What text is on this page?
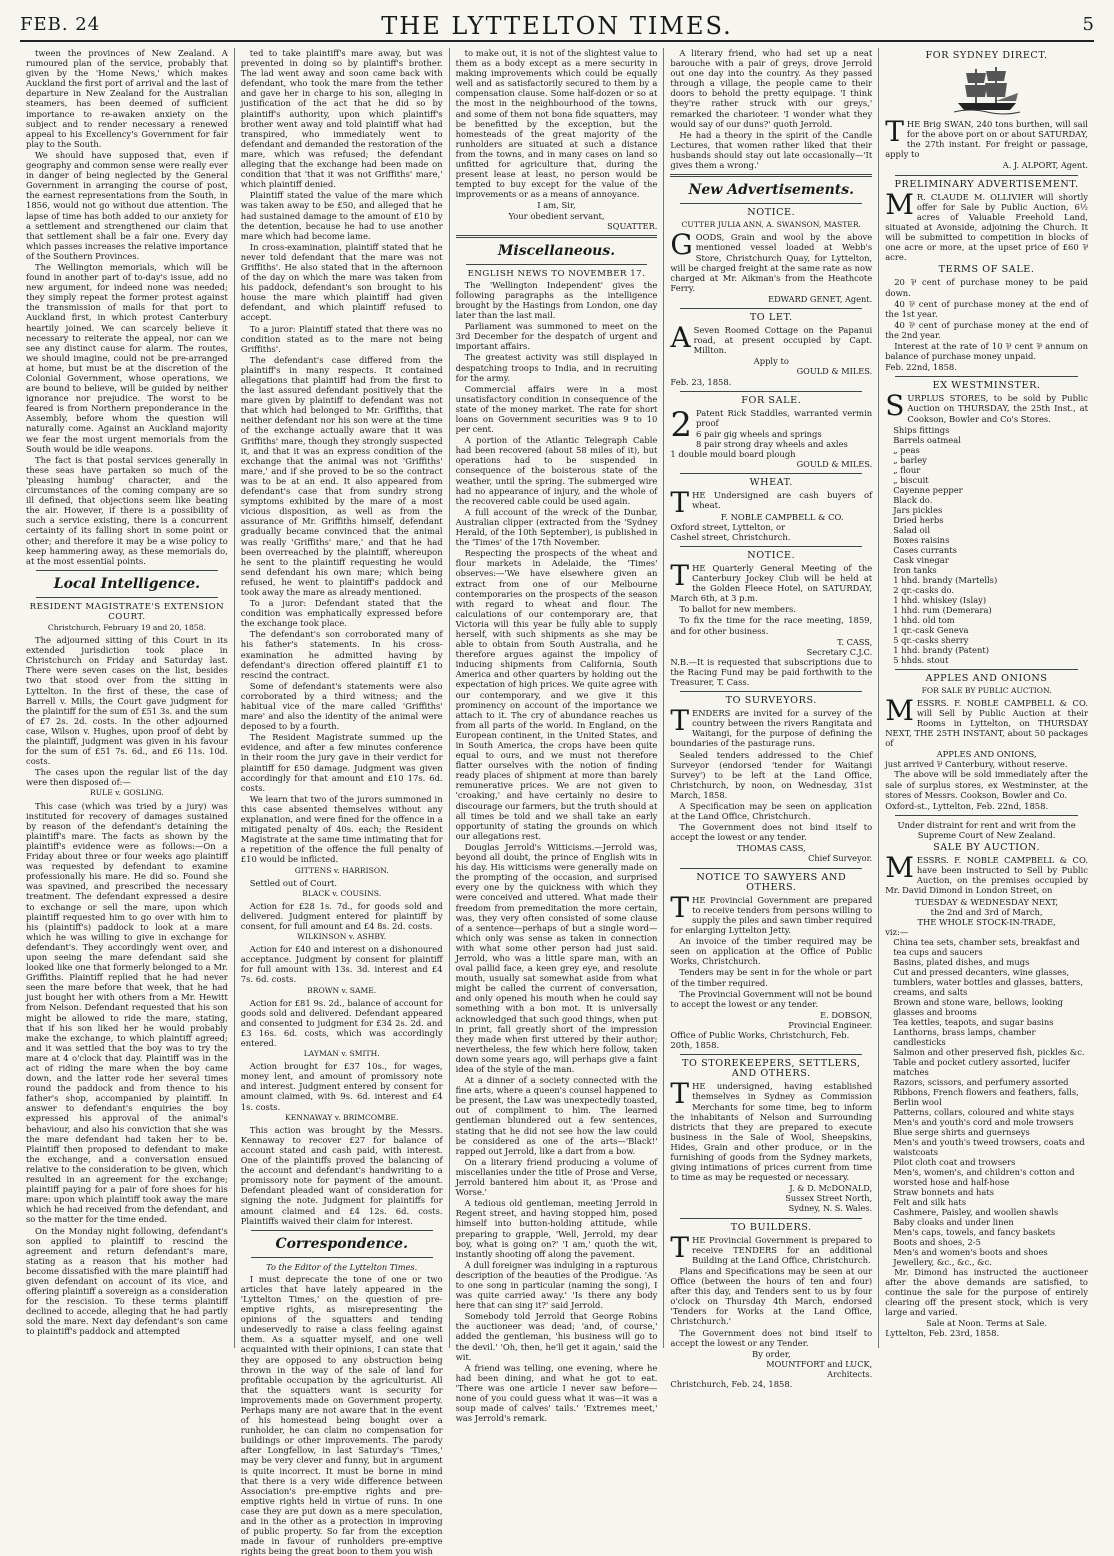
FEB. 24	THE LYTTELTON TIMES.	5

tween the provinces of New Zealand. A rumoured plan of the service, probably that given by the 'Home News,' which makes Auckland the first port of arrival and the last of departure in New Zealand for the Australian steamers, has been deemed of sufficient importance to re-awaken anxiety on the subject and to render necessary a renewed appeal to his Excellency's Government for fair play to the South.

We should have supposed that, even if geography and common sense were really ever in danger of being neglected by the General Government in arranging the course of post, the earnest representations from the South, in 1856, would not go without due attention. The lapse of time has both added to our anxiety for a settlement and strengthened our claim that that settlement shall be a fair one. Every day which passes increases the relative importance of the Southern Provinces.

The Wellington memorials, which will be found in another part of to-day's issue, add no new argument, for indeed none was needed; they simply repeat the former protest against the transmission of mails for that port to Auckland first, in which protest Canterbury heartily joined. We can scarcely believe it necessary to reiterate the appeal, nor can we see any distinct cause for alarm. The routes, we should imagine, could not be pre-arranged at home, but must be at the discretion of the Colonial Government, whose operations, we are bound to believe, will be guided by neither ignorance nor prejudice. The worst to be feared is from Northern preponderance in the Assembly, before whom the question will naturally come. Against an Auckland majority we fear the most urgent memorials from the South would be idle weapons.

The fact is that postal services generally in these seas have partaken so much of the 'pleasing humbug' character, and the circumstances of the coming company are so ill defined, that objections seem like beating the air. However, if there is a possibility of such a service existing, there is a concurrent certainty of its falling short in some point or other; and therefore it may be a wise policy to keep hammering away, as these memorials do, at the most essential points.

Local Intelligence.
RESIDENT MAGISTRATE'S EXTENSION COURT.
Christchurch, February 19 and 20, 1858.

The adjourned sitting of this Court in its extended jurisdiction took place in Christchurch on Friday and Saturday last. There were seven cases on the list, besides two that stood over from the sitting in Lyttelton. In the first of these, the case of Barrell v. Mills, the Court gave judgment for the plaintiff for the sum of £51 3s. and the sum of £7 2s. 2d. costs. In the other adjourned case, Wilson v. Hughes, upon proof of debt by the plaintiff, judgment was given in his favour for the sum of £51 7s. 6d., and £6 11s. 10d. costs.

The cases upon the regular list of the day were then disposed of:—

RULE v. GOSLING.

This case (which was tried by a jury) was instituted for recovery of damages sustained by reason of the defendant's detaining the plaintiff's mare. The facts as shown by the plaintiff's evidence were as follows:—On a Friday about three or four weeks ago plaintiff was requested by defendant to examine professionally his mare. He did so. Found she was spavined, and prescribed the necessary treatment. The defendant expressed a desire to exchange or sell the mare, upon which plaintiff requested him to go over with him to his (plaintiff's) paddock to look at a mare which he was willing to give in exchange for defendant's. They accordingly went over, and upon seeing the mare defendant said she looked like one that formerly belonged to a Mr. Griffiths. Plaintiff replied that he had never seen the mare before that week, that he had just bought her with others from a Mr. Hewitt from Nelson. Defendant requested that his son might be allowed to ride the mare, stating, that if his son liked her he would probably make the exchange, to which plaintiff agreed; and it was settled that the boy was to try the mare at 4 o'clock that day. Plaintiff was in the act of riding the mare when the boy came down, and the latter rode her several times round the paddock and from thence to his father's shop, accompanied by plaintiff. In answer to defendant's enquiries the boy expressed his approval of the animal's behaviour, and also his conviction that she was the mare defendant had taken her to be. Plaintiff then proposed to defendant to make the exchange, and a conversation ensued relative to the consideration to be given, which resulted in an agreement for the exchange; plaintiff paying for a pair of fore shoes for his mare: upon which plaintiff took away the mare which he had received from the defendant, and so the matter for the time ended.

On the Monday night following, defendant's son applied to plaintiff to rescind the agreement and return defendant's mare, stating as a reason that his mother had become dissatisfied with the mare plaintiff had given defendant on account of its vice, and offering plaintiff a sovereign as a consideration for the rescision. To these terms plaintiff declined to accede, alleging that he had partly sold the mare. Next day defendant's son came to plaintiff's paddock and attempted

ted to take plaintiff's mare away, but was prevented in doing so by plaintiff's brother. The lad went away and soon came back with defendant, who took the mare from the tether and gave her in charge to his son, alleging in justification of the act that he did so by plaintiff's authority, upon which plaintiff's brother went away and told plaintiff what had transpired, who immediately went to defendant and demanded the restoration of the mare, which was refused; the defendant alleging that the exchange had been made on condition that 'that it was not Griffiths' mare,' which plaintiff denied.

Plaintiff stated the value of the mare which was taken away to be £50, and alleged that he had sustained damage to the amount of £10 by the detention, because he had to use another mare which had become lame.

In cross-examination, plaintiff stated that he never told defendant that the mare was not Griffiths'. He also stated that in the afternoon of the day on which the mare was taken from his paddock, defendant's son brought to his house the mare which plaintiff had given defendant, and which plaintiff refused to accept.

To a juror: Plaintiff stated that there was no condition stated as to the mare not being Griffiths'.

The defendant's case differed from the plaintiff's in many respects. It contained allegations that plaintiff had from the first to the last assured defendant positively that the mare given by plaintiff to defendant was not that which had belonged to Mr. Griffiths, that neither defendant nor his son were at the time of the exchange actually aware that it was Griffiths' mare, though they strongly suspected it, and that it was an express condition of the exchange that the animal was not 'Griffiths' mare,' and if she proved to be so the contract was to be at an end. It also appeared from defendant's case that from sundry strong symptoms exhibited by the mare of a most vicious disposition, as well as from the assurance of Mr. Griffiths himself, defendant gradually became convinced that the animal was really 'Griffiths' mare,' and that he had been overreached by the plaintiff, whereupon he sent to the plaintiff requesting he would send defendant his own mare; which being refused, he went to plaintiff's paddock and took away the mare as already mentioned.

To a juror: Defendant stated that the condition was emphatically expressed before the exchange took place.

The defendant's son corroborated many of his father's statements. In his cross-examination he admitted having by defendant's direction offered plaintiff £1 to rescind the contract.

Some of defendant's statements were also corroborated by a third witness; and the habitual vice of the mare called 'Griffiths' mare' and also the identity of the animal were deposed to by a fourth.

The Resident Magistrate summed up the evidence, and after a few minutes conference in their room the jury gave in their verdict for plaintiff for £50 damage. Judgment was given accordingly for that amount and £10 17s. 6d. costs.

We learn that two of the jurors summoned in this case absented themselves without any explanation, and were fined for the offence in a mitigated penalty of 40s. each; the Resident Magistrate at the same time intimating that for a repetition of the offence the full penalty of £10 would be inflicted.

GITTENS v. HARRISON.

Settled out of Court.

BLACK v. COUSINS.

Action for £28 1s. 7d., for goods sold and delivered. Judgment entered for plaintiff by consent, for full amount and £4 8s. 2d. costs.

WILKINSON v. ASHBY.

Action for £40 and interest on a dishonoured acceptance. Judgment by consent for plaintiff for full amount with 13s. 3d. interest and £4 7s. 6d. costs.

BROWN v. SAME.

Action for £81 9s. 2d., balance of account for goods sold and delivered. Defendant appeared and consented to judgment for £34 2s. 2d. and £3 16s. 6d. costs, which was accordingly entered.

LAYMAN v. SMITH.

Action brought for £37 10s., for wages, money lent, and amount of promissory note and interest. Judgment entered by consent for amount claimed, with 9s. 6d. interest and £4 1s. costs.

KENNAWAY v. BRIMCOMBE.

This action was brought by the Messrs. Kennaway to recover £27 for balance of account stated and cash paid, with interest. One of the plaintiffs proved the balancing of the account and defendant's handwriting to a promissory note for payment of the amount. Defendant pleaded want of consideration for signing the note. Judgment for plaintiffs for amount claimed and £4 12s. 6d. costs. Plaintiffs waived their claim for interest.

Correspondence.
To the Editor of the Lyttelton Times.

I must deprecate the tone of one or two articles that have lately appeared in the 'Lyttelton Times,' on the question of pre-emptive rights, as misrepresenting the opinions of the squatters and tending undeservedly to raise a class feeling against them. As a squatter myself, and one well acquainted with their opinions, I can state that they are opposed to any obstruction being thrown in the way of the sale of land for profitable occupation by the agriculturist. All that the squatters want is security for improvements made on Government property. Perhaps many are not aware that in the event of his homestead being bought over a runholder, he can claim no compensation for buildings or other improvements. The parody after Longfellow, in last Saturday's 'Times,' may be very clever and funny, but in argument is quite incorrect. It must be borne in mind that there is a very wide difference between Association's pre-emptive rights and pre-emptive rights held in virtue of runs. In one case they are put down as a mere speculation, and in the other as a protection in improving of public property. So far from the exception made in favour of runholders pre-emptive rights being the great boon to them you wish

to make out, it is not of the slightest value to them as a body except as a mere security in making improvements which could be equally well and as satisfactorily secured to them by a compensation clause. Some half-dozen or so at the most in the neighbourhood of the towns, and some of them not bona fide squatters, may be benefitted by the exception, but the homesteads of the great majority of the runholders are situated at such a distance from the towns, and in many cases on land so unfitted for agriculture that, during the present lease at least, no person would be tempted to buy except for the value of the improvements or as a means of annoyance.

I am, Sir,
Your obedient servant,
SQUATTER.
Miscellaneous.
ENGLISH NEWS TO NOVEMBER 17.

The 'Wellington Independent' gives the following paragraphs as the intelligence brought by the Hastings from London, one day later than the last mail.

Parliament was summoned to meet on the 3rd December for the despatch of urgent and important affairs.

The greatest activity was still displayed in despatching troops to India, and in recruiting for the army.

Commercial affairs were in a most unsatisfactory condition in consequence of the state of the money market. The rate for short loans on Government securities was 9 to 10 per cent.

A portion of the Atlantic Telegraph Cable had been recovered (about 58 miles of it), but operations had to be suspended in consequence of the boisterous state of the weather, until the spring. The submerged wire had no appearance of injury, and the whole of the recovered cable could be used again.

A full account of the wreck of the Dunbar, Australian clipper (extracted from the 'Sydney Herald, of the 10th September), is published in the 'Times' of the 17th November.

Respecting the prospects of the wheat and flour markets in Adelaide, the 'Times' observes:—'We have elsewhere given an extract from one of our Melbourne contemporaries on the prospects of the season with regard to wheat and flour. The calculations of our contemporary are, that Victoria will this year be fully able to supply herself, with such shipments as she may be able to obtain from South Australia, and he therefore argues against the impolicy of inducing shipments from California, South America and other quarters by holding out the expectation of high prices. We quite agree with our contemporary, and we give it this prominency on account of the importance we attach to it. The cry of abundance reaches us from all parts of the world. In England, on the European continent, in the United States, and in South America, the crops have been quite equal to ours, and we must not therefore flatter ourselves with the notion of finding ready places of shipment at more than barely remunerative prices. We are not given to 'croaking,' and have certainly no desire to discourage our farmers, but the truth should at all times be told and we shall take an early opportunity of stating the grounds on which our allegations rest.

Douglas Jerrold's Witticisms.—Jerrold was, beyond all doubt, the prince of English wits in his day. His witticisms were generally made on the prompting of the occasion, and surprised every one by the quickness with which they were conceived and uttered. What made their freedom from premeditation the more certain, was, they very often consisted of some clause of a sentence—perhaps of but a single word—which only was sense as taken in connection with what some other person had just said. Jerrold, who was a little spare man, with an oval pallid face, a keen grey eye, and resolute mouth, usually sat somewhat aside from what might be called the current of conversation, and only opened his mouth when he could say something with a bon mot. It is universally acknowledged that such good things, when put in print, fall greatly short of the impression they made when first uttered by their author; nevertheless, the few which here follow, taken down some years ago, will perhaps give a faint idea of the style of the man.

At a dinner of a society connected with the fine arts, where a queen's counsel happened to be present, the Law was unexpectedly toasted, out of compliment to him. The learned gentleman blundered out a few sentences, stating that he did not see how the law could be considered as one of the arts—'Black!' rapped out Jerrold, like a dart from a bow.

On a literary friend producing a volume of miscellanies under the title of Prose and Verse, Jerrold bantered him about it, as 'Prose and Worse.'

A tedious old gentleman, meeting Jerrold in Regent street, and having stopped him, posed himself into button-holding attitude, while preparing to grapple, 'Well, Jerrold, my dear boy, what is going on?' 'I am,' quoth the wit, instantly shooting off along the pavement.

A dull foreigner was indulging in a rapturous description of the beauties of the Prodigue. 'As to one song in particular (naming the song), I was quite carried away.' 'Is there any body here that can sing it?' said Jerrold.

Somebody told Jerrold that George Robins the auctioneer was dead; 'and, of course,' added the gentleman, 'his business will go to the devil.' 'Oh, then, he'll get it again,' said the wit.

A friend was telling, one evening, where he had been dining, and what he got to eat. 'There was one article I never saw before—none of you could guess what it was—it was a soup made of calves' tails.' 'Extremes meet,' was Jerrold's remark.

A literary friend, who had set up a neat barouche with a pair of greys, drove Jerrold out one day into the country. As they passed through a village, the people came to their doors to behold the pretty equipage. 'I think they're rather struck with our greys,' remarked the charioteer. 'I wonder what they would say of our duns?' quoth Jerrold.

He had a theory in the spirit of the Candle Lectures, that women rather liked that their husbands should stay out late occasionally—'It gives them a wrong.'

New Advertisements.
NOTICE.
CUTTER JULIA ANN, A. SWANSON, MASTER.

GOODS, Grain and wool by the above mentioned vessel loaded at Webb's Store, Christchurch Quay, for Lyttelton, will be charged freight at the same rate as now charged at Mr. Aikman's from the Heathcote Ferry.

EDWARD GENET, Agent.
TO LET.

A Seven Roomed Cottage on the Papanui road, at present occupied by Capt. Millton.

Apply to
GOULD & MILES.
Feb. 23, 1858.
FOR SALE.

2 Patent Rick Staddles, warranted vermin proof

6 pair gig wheels and springs
8 pair strong dray wheels and axles
1 double mould board plough
GOULD & MILES.
WHEAT.

THE Undersigned are cash buyers of wheat.

F. NOBLE CAMPBELL & CO.
Oxford street, Lyttelton, or
Cashel street, Christchurch.
NOTICE.

THE Quarterly General Meeting of the Canterbury Jockey Club will be held at the Golden Fleece Hotel, on SATURDAY, March 6th, at 3 p.m.

To ballot for new members.

To fix the time for the race meeting, 1859, and for other business.

T. CASS,
Secretary C.J.C.

N.B.—It is requested that subscriptions due to the Racing Fund may be paid forthwith to the Treasurer, T. Cass.

TO SURVEYORS.

TENDERS are invited for a survey of the country between the rivers Rangitata and Waitangi, for the purpose of defining the boundaries of the pasturage runs.

Sealed tenders addressed to the Chief Surveyor (endorsed 'tender for Waitangi Survey') to be left at the Land Office, Christchurch, by noon, on Wednesday, 31st March, 1858.

A Specification may be seen on application at the Land Office, Christchurch.

The Government does not bind itself to accept the lowest or any tender.

THOMAS CASS,
Chief Surveyor.
NOTICE TO SAWYERS AND OTHERS.

THE Provincial Government are prepared to receive tenders from persons willing to supply the piles and sawn timber required for enlarging Lyttelton Jetty.

An invoice of the timber required may be seen on application at the Office of Public Works, Christchurch.

Tenders may be sent in for the whole or part of the timber required.

The Provincial Government will not be bound to accept the lowest or any tender.

E. DOBSON,
Provincial Engineer.
Office of Public Works, Christchurch, Feb. 20th, 1858.
TO STOREKEEPERS, SETTLERS, AND OTHERS.

THE undersigned, having established themselves in Sydney as Commission Merchants for some time, beg to inform the inhabitants of Nelson and Surrounding districts that they are prepared to execute business in the Sale of Wool, Sheepskins, Hides, Grain and other produce, or in the furnishing of goods from the Sydney markets, giving intimations of prices current from time to time as may be requested or necessary.

J. & D. McDONALD,
Sussex Street North,
Sydney, N. S. Wales.
TO BUILDERS.

THE Provincial Government is prepared to receive TENDERS for an additional Building at the Land Office, Christchurch.

Plans and Specifications may be seen at our Office (between the hours of ten and four) after this day, and Tenders sent to us by four o'clock on Thursday 4th March, endorsed 'Tenders for Works at the Land Office, Christchurch.'

The Government does not bind itself to accept the lowest or any Tender.

By order,
MOUNTFORT and LUCK,
Architects.
Christchurch, Feb. 24, 1858.
FOR SYDNEY DIRECT.

THE Brig SWAN, 240 tons burthen, will sail for the above port on or about SATURDAY, the 27th instant. For freight or passage, apply to

A. J. ALPORT, Agent.
PRELIMINARY ADVERTISEMENT.

M R. CLAUDE M. OLLIVIER will shortly offer for Sale by Public Auction, 6½ acres of Valuable Freehold Land, situated at Avonside, adjoining the Church. It will be submitted to competition in blocks of one acre or more, at the upset price of £60 ⅌ acre.

TERMS OF SALE.

20 ⅌ cent of purchase money to be paid down.

40 ⅌ cent of purchase money at the end of the 1st year.

40 ⅌ cent of purchase money at the end of the 2nd year.

Interest at the rate of 10 ⅌ cent ⅌ annum on balance of purchase money unpaid.

Feb. 22nd, 1858.
EX WESTMINSTER.

SURPLUS STORES, to be sold by Public Auction on THURSDAY, the 25th Inst., at Cookson, Bowler and Co's Stores.

Ships fittings
Barrels oatmeal
„ peas
„ barley
„ flour
„ biscuit
Cayenne pepper
Black do.
Jars pickles
Dried herbs
Salad oil
Boxes raisins
Cases currants
Cask vinegar
Iron tanks
1 hhd. brandy (Martells)
2 qr.-casks do.
1 hhd. whiskey (Islay)
1 hhd. rum (Demerara)
1 hhd. old tom
1 qr.-cask Geneva
5 qr.-casks sherry
1 hhd. brandy (Patent)
5 hhds. stout
APPLES AND ONIONS
FOR SALE BY PUBLIC AUCTION.

MESSRS. F. NOBLE CAMPBELL & CO. will Sell by Public Auction at their Rooms in Lyttelton, on THURSDAY NEXT, THE 25TH INSTANT, about 50 packages of

APPLES AND ONIONS,
just arrived ⅌ Canterbury, without reserve.

The above will be sold immediately after the sale of surplus stores, ex Westminster, at the stores of Messrs. Cookson, Bowler and Co.

Oxford-st., Lyttelton, Feb. 22nd, 1858.
Under distraint for rent and writ from the Supreme Court of New Zealand.
SALE BY AUCTION.

MESSRS. F. NOBLE CAMPBELL & CO. have been instructed to Sell by Public Auction, on the premises occupied by Mr. David Dimond in London Street, on

TUESDAY & WEDNESDAY NEXT,
the 2nd and 3rd of March,
THE WHOLE STOCK-IN-TRADE,
viz:—
China tea sets, chamber sets, breakfast and tea cups and saucers
Basins, plated dishes, and mugs
Cut and pressed decanters, wine glasses, tumblers, water bottles and glasses, batters, creams, and salts
Brown and stone ware, bellows, looking glasses and brooms
Tea kettles, teapots, and sugar basins
Lanthorns, brass lamps, chamber candlesticks
Salmon and other preserved fish, pickles &c.
Table and pocket cutlery assorted, lucifer matches
Razors, scissors, and perfumery assorted
Ribbons, French flowers and feathers, falls, Berlin wool
Patterns, collars, coloured and white stays
Men's and youth's cord and mole trowsers
Blue serge shirts and guernseys
Men's and youth's tweed trowsers, coats and waistcoats
Pilot cloth coat and trowsers
Men's, women's, and children's cotton and worsted hose and half-hose
Straw bonnets and hats
Felt and silk hats
Cashmere, Paisley, and woollen shawls
Baby cloaks and under linen
Men's caps, towels, and fancy baskets
Boots and shoes, 2-5
Men's and women's boots and shoes
Jewellery, &c., &c., &c.

Mr. Dimond has instructed the auctioneer after the above demands are satisfied, to continue the sale for the purpose of entirely clearing off the present stock, which is very large and varied.

Sale at Noon. Terms at Sale.
Lyttelton, Feb. 23rd, 1858.
